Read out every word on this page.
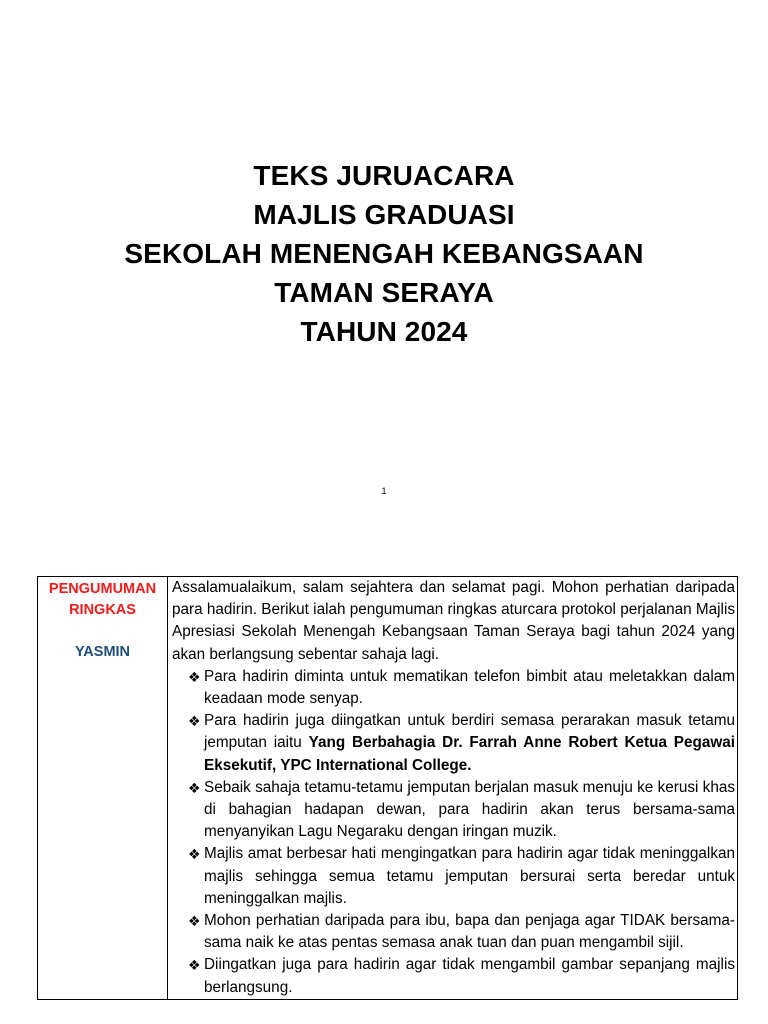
TEKS JURUACARA
MAJLIS GRADUASI
SEKOLAH MENENGAH KEBANGSAAN
TAMAN SERAYA
TAHUN 2024
1
PENGUMUMAN
RINGKAS
YASMIN

Assalamualaikum, salam sejahtera dan selamat pagi. Mohon perhatian daripada para hadirin. Berikut ialah pengumuman ringkas aturcara protokol perjalanan Majlis Apresiasi Sekolah Menengah Kebangsaan Taman Seraya bagi tahun 2024 yang akan berlangsung sebentar sahaja lagi.

❖ Para hadirin diminta untuk mematikan telefon bimbit atau meletakkan dalam keadaan mode senyap.
❖ Para hadirin juga diingatkan untuk berdiri semasa perarakan masuk tetamu jemputan iaitu Yang Berbahagia Dr. Farrah Anne Robert Ketua Pegawai Eksekutif, YPC International College.
❖ Sebaik sahaja tetamu-tetamu jemputan berjalan masuk menuju ke kerusi khas di bahagian hadapan dewan, para hadirin akan terus bersama-sama menyanyikan Lagu Negaraku dengan iringan muzik.
❖ Majlis amat berbesar hati mengingatkan para hadirin agar tidak meninggalkan majlis sehingga semua tetamu jemputan bersurai serta beredar untuk meninggalkan majlis.
❖ Mohon perhatian daripada para ibu, bapa dan penjaga agar TIDAK bersama-sama naik ke atas pentas semasa anak tuan dan puan mengambil sijil.
❖ Diingatkan juga para hadirin agar tidak mengambil gambar sepanjang majlis berlangsung.
